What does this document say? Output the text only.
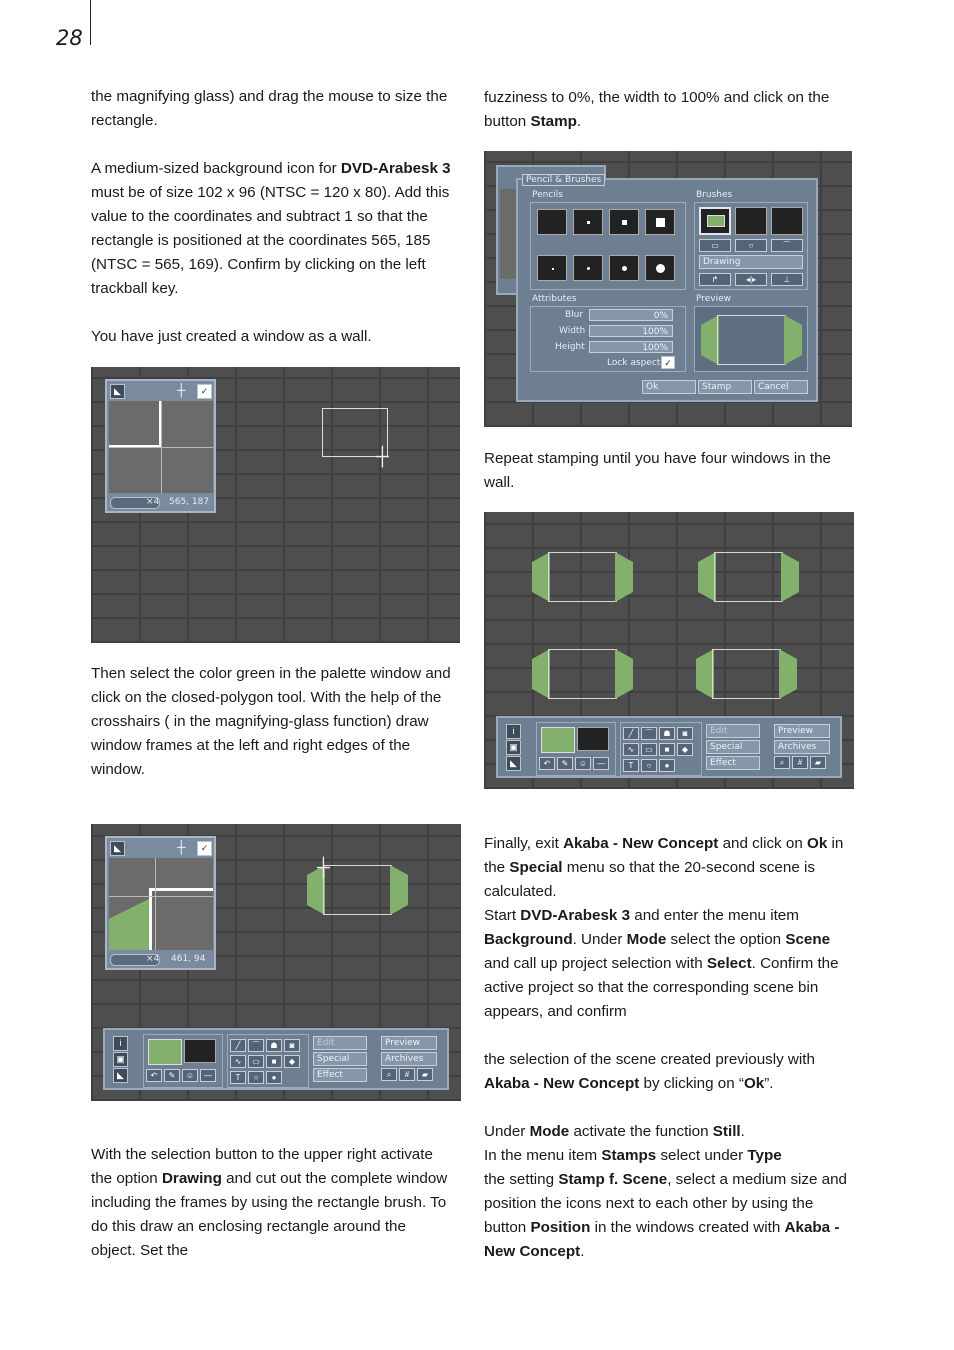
28

the magnifying glass) and drag the mouse to size the rectangle.

A medium-sized background icon for DVD-Arabesk 3 must be of size 102 x 96 (NTSC = 120 x 80). Add this value to the coordinates and subtract 1 so that the rectangle is positioned at the coordinates 565, 185 (NTSC = 565, 169). Confirm by clicking on the left trackball key.

You have just created a window as a wall.

Then select the color green in the palette window and click on the closed-polygon tool. With the help of the crosshairs ( in the magnifying-glass function) draw window frames at the left and right edges of the window.

With the selection button to the upper right activate the option Drawing and cut out the complete window including the frames by using the rectangle brush. To do this draw an enclosing rectangle around the object. Set the

fuzziness to 0%, the width to 100% and click on the button Stamp.

Repeat stamping until you have four windows in the wall.

Finally, exit Akaba - New Concept and click on Ok in the Special menu so that the 20-second scene is calculated.
Start DVD-Arabesk 3 and enter the menu item Background. Under Mode select the option Scene and call up project selection with Select. Confirm the active project so that the corresponding scene bin appears, and confirm

the selection of the scene created previously with Akaba - New Concept by clicking on “Ok”.

Under Mode activate the function Still.
In the menu item Stamps select under Type
the setting Stamp f. Scene, select a medium size and position the icons next to each other by using the button Position in the windows created with Akaba - New Concept.

◣	┼	✓
×4 565, 187
┼
Pencil & Brushes
Pencils	Brushes
▭	○	⌒
Drawing
↱	◂|▸	⊥
Attributes	Preview
Blur	0%
Width	100%
Height	100%
Lock aspect ✓
Ok	Stamp	Cancel
i
▣
◣	↶	✎	☺	—
╱	⌒	☗	◙
∿	▭	■	◆
T	○	●
Edit
Special
Effect
Preview
Archives
⌕	#	▰
◣	┼	✓
×4 461, 94
┼
i
▣
◣	↶	✎	☺	—
╱	⌒	☗	◙
∿	▭	■	◆
T	○	●
Edit
Special
Effect
Preview
Archives
⌕	#	▰
